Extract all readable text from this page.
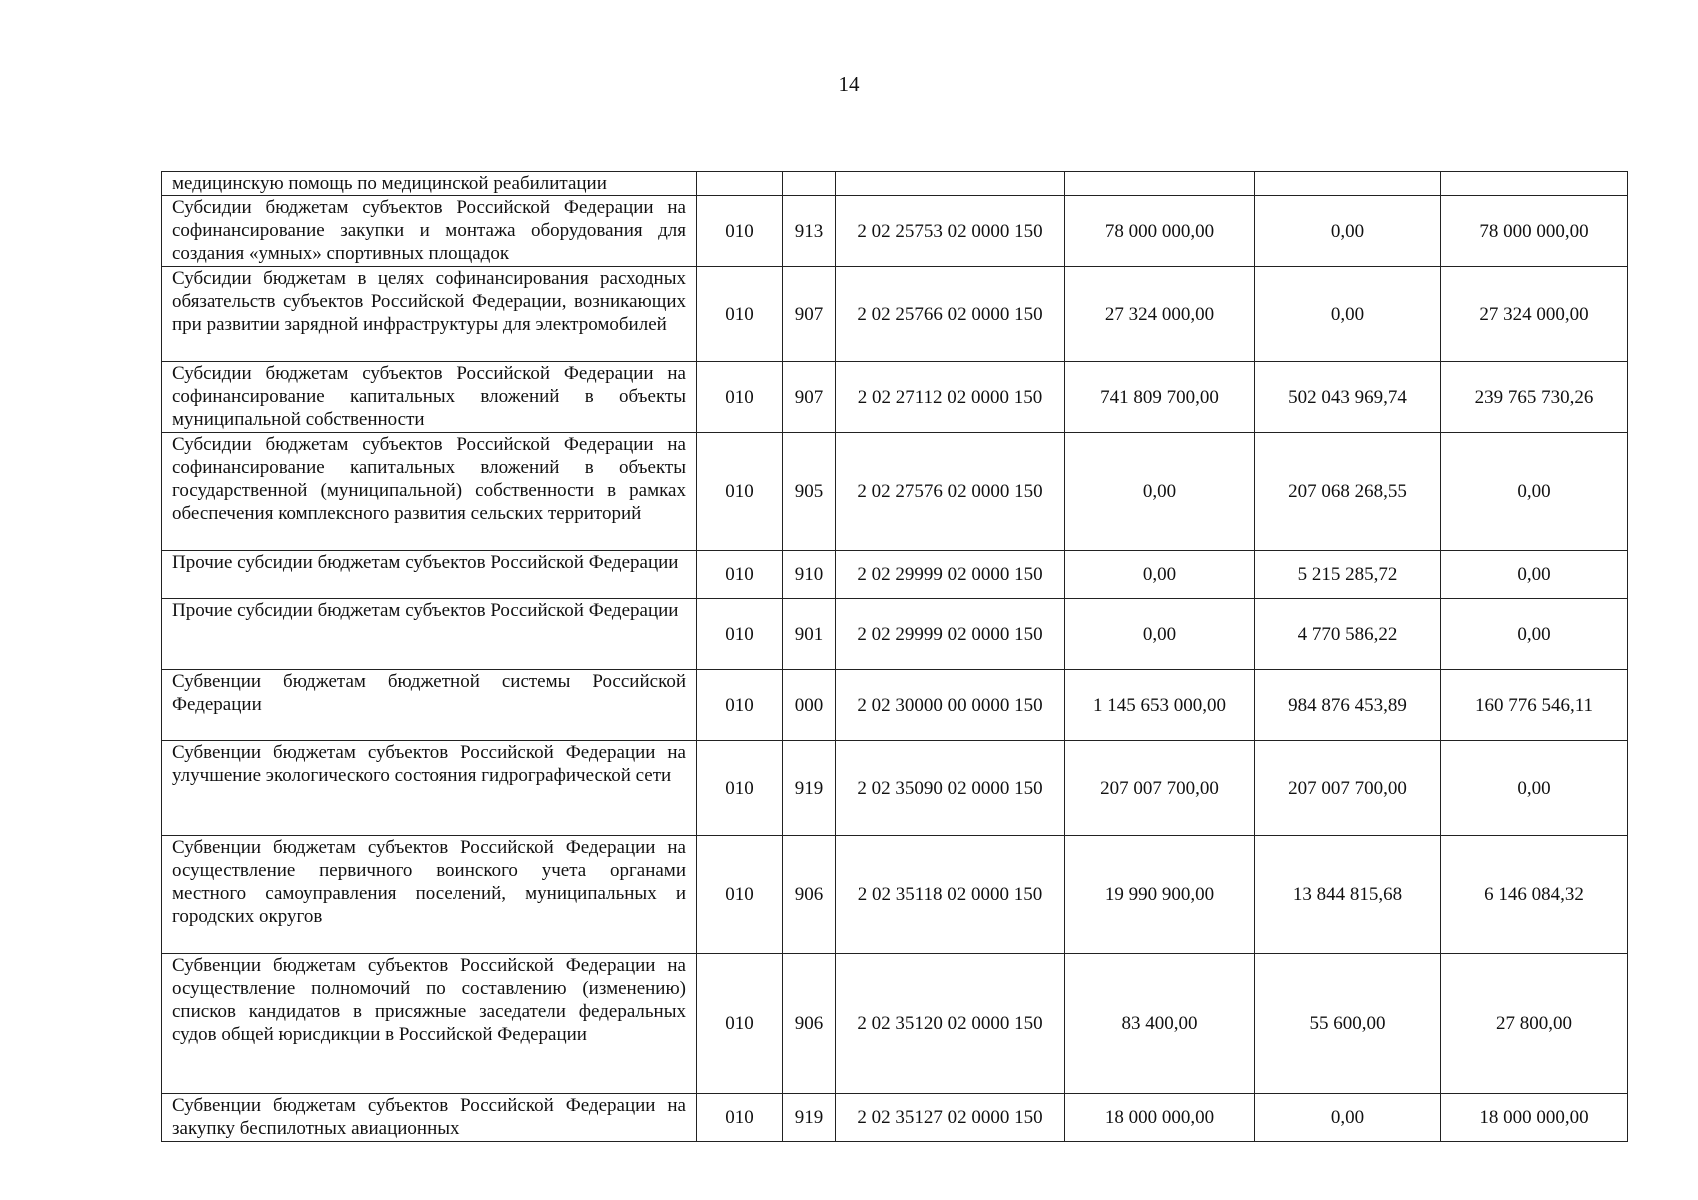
14
медицинскую помощь по медицинской реабилитации						
Субсидии бюджетам субъектов Российской Федерации на софинансирование закупки и монтажа оборудования для создания «умных» спортивных площадок	010	913	2 02 25753 02 0000 150	78 000 000,00	0,00	78 000 000,00
Субсидии бюджетам в целях софинансирования расходных обязательств субъектов Российской Федерации, возникающих при развитии зарядной инфраструктуры для электромобилей	010	907	2 02 25766 02 0000 150	27 324 000,00	0,00	27 324 000,00
Субсидии бюджетам субъектов Российской Федерации на софинансирование капитальных вложений в объекты муниципальной собственности	010	907	2 02 27112 02 0000 150	741 809 700,00	502 043 969,74	239 765 730,26
Субсидии бюджетам субъектов Российской Федерации на софинансирование капитальных вложений в объекты государственной (муниципальной) собственности в рамках обеспечения комплексного развития сельских территорий	010	905	2 02 27576 02 0000 150	0,00	207 068 268,55	0,00
Прочие субсидии бюджетам субъектов Российской Федерации	010	910	2 02 29999 02 0000 150	0,00	5 215 285,72	0,00
Прочие субсидии бюджетам субъектов Российской Федерации	010	901	2 02 29999 02 0000 150	0,00	4 770 586,22	0,00
Субвенции бюджетам бюджетной системы Российской Федерации	010	000	2 02 30000 00 0000 150	1 145 653 000,00	984 876 453,89	160 776 546,11
Субвенции бюджетам субъектов Российской Федерации на улучшение экологического состояния гидрографической сети	010	919	2 02 35090 02 0000 150	207 007 700,00	207 007 700,00	0,00
Субвенции бюджетам субъектов Российской Федерации на осуществление первичного воинского учета органами местного самоуправления поселений, муниципальных и городских округов	010	906	2 02 35118 02 0000 150	19 990 900,00	13 844 815,68	6 146 084,32
Субвенции бюджетам субъектов Российской Федерации на осуществление полномочий по составлению (изменению) списков кандидатов в присяжные заседатели федеральных судов общей юрисдикции в Российской Федерации	010	906	2 02 35120 02 0000 150	83 400,00	55 600,00	27 800,00
Субвенции бюджетам субъектов Российской Федерации на закупку беспилотных авиационных	010	919	2 02 35127 02 0000 150	18 000 000,00	0,00	18 000 000,00
